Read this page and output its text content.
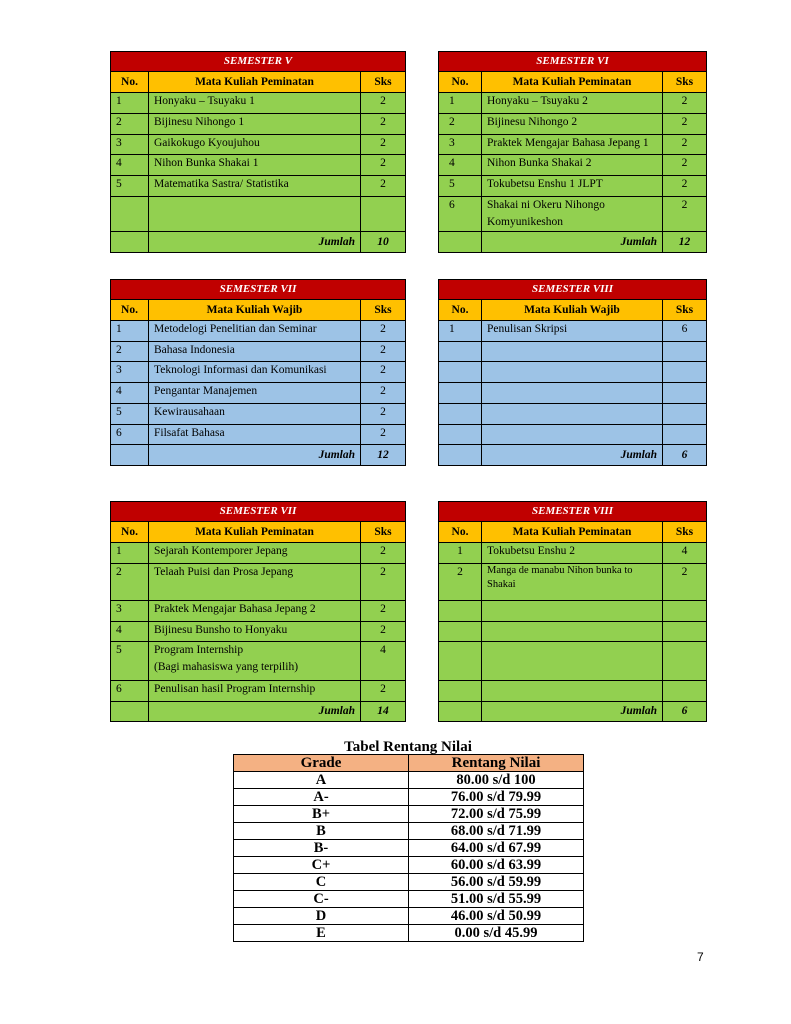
SEMESTER V		
No.	Mata Kuliah Peminatan	Sks
1	Honyaku – Tsuyaku 1	2
2	Bijinesu Nihongo 1	2
3	Gaikokugo Kyoujuhou	2
4	Nihon Bunka Shakai 1	2
5	Matematika Sastra/ Statistika	2

	Jumlah	10
SEMESTER VI		
No.	Mata Kuliah Peminatan	Sks
1	Honyaku – Tsuyaku 2	2
2	Bijinesu Nihongo 2	2
3	Praktek Mengajar Bahasa Jepang 1	2
4	Nihon Bunka Shakai 2	2
5	Tokubetsu Enshu 1 JLPT	2
6	Shakai ni Okeru Nihongo
Komyunikeshon	2
	Jumlah	12
SEMESTER VII		
No.	Mata Kuliah Wajib	Sks
1	Metodelogi Penelitian dan Seminar	2
2	Bahasa Indonesia	2
3	Teknologi Informasi dan Komunikasi	2
4	Pengantar Manajemen	2
5	Kewirausahaan	2
6	Filsafat Bahasa	2
	Jumlah	12
SEMESTER VIII		
No.	Mata Kuliah Wajib	Sks
1	Penulisan Skripsi	6

	Jumlah	6
SEMESTER VII		
No.	Mata Kuliah Peminatan	Sks
1	Sejarah Kontemporer Jepang	2
2	Telaah Puisi dan Prosa Jepang	2
3	Praktek Mengajar Bahasa Jepang 2	2
4	Bijinesu Bunsho to Honyaku	2
5	Program Internship
(Bagi mahasiswa yang terpilih)	4
6	Penulisan hasil Program Internship	2
	Jumlah	14
SEMESTER VIII		
No.	Mata Kuliah Peminatan	Sks
1	Tokubetsu Enshu 2	4
2	Manga de manabu Nihon bunka to
Shakai	2

	Jumlah	6
Tabel Rentang Nilai
Grade	Rentang Nilai
A	80.00 s/d 100
A-	76.00 s/d 79.99
B+	72.00 s/d 75.99
B	68.00 s/d 71.99
B-	64.00 s/d 67.99
C+	60.00 s/d 63.99
C	56.00 s/d 59.99
C-	51.00 s/d 55.99
D	46.00 s/d 50.99
E	0.00 s/d 45.99
7
